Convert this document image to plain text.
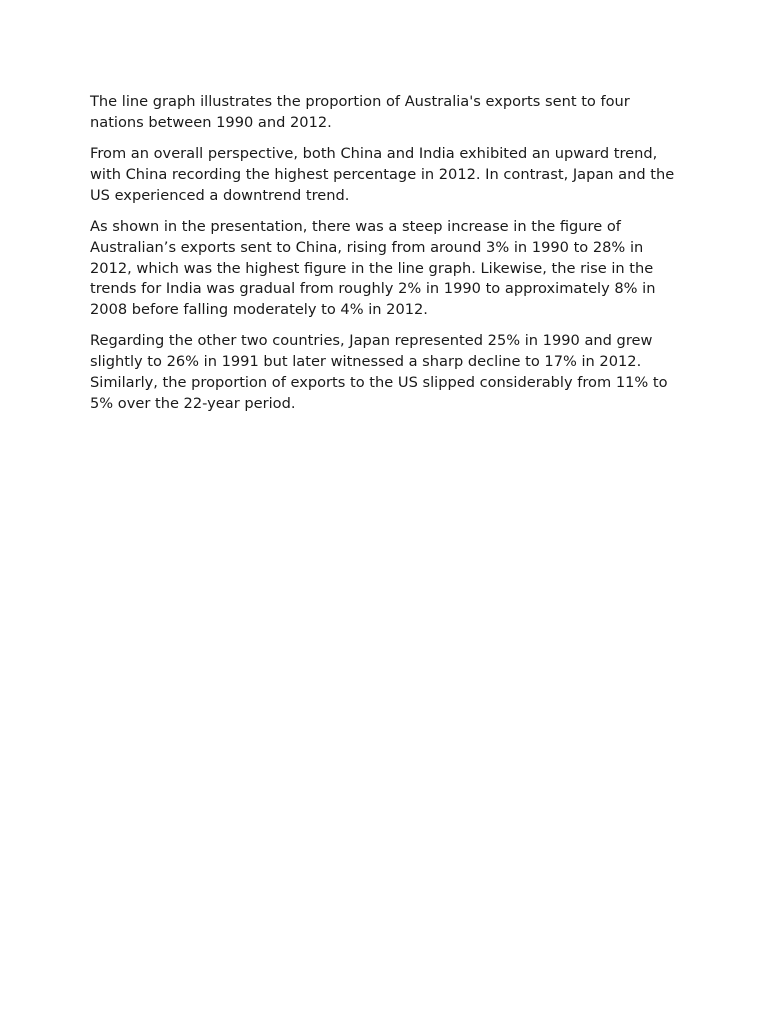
The line graph illustrates the proportion of Australia's exports sent to four nations between 1990 and 2012.

From an overall perspective, both China and India exhibited an upward trend, with China recording the highest percentage in 2012. In contrast, Japan and the US experienced a downtrend trend.

As shown in the presentation, there was a steep increase in the figure of Australian’s exports sent to China, rising from around 3% in 1990 to 28% in 2012, which was the highest figure in the line graph. Likewise, the rise in the trends for India was gradual from roughly 2% in 1990 to approximately 8% in 2008 before falling moderately to 4% in 2012.

Regarding the other two countries, Japan represented 25% in 1990 and grew slightly to 26% in 1991 but later witnessed a sharp decline to 17% in 2012. Similarly, the proportion of exports to the US slipped considerably from 11% to 5% over the 22-year period.
